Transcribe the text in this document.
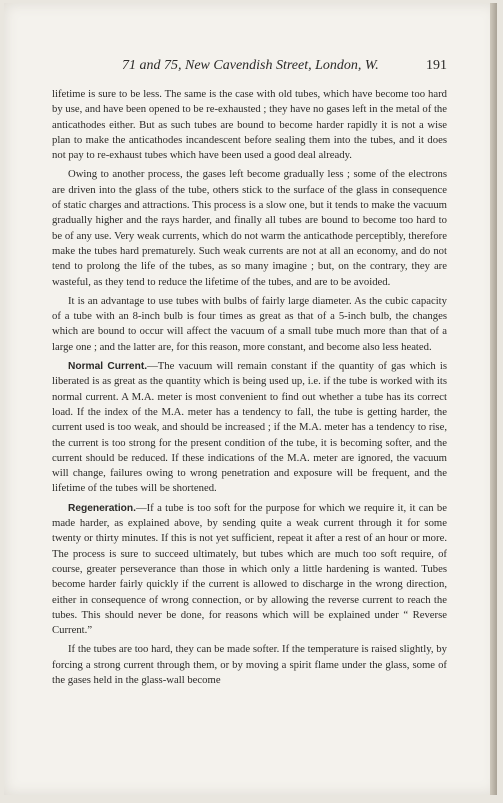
71 and 75, New Cavendish Street, London, W.	191

lifetime is sure to be less. The same is the case with old tubes, which have become too hard by use, and have been opened to be re-exhausted ; they have no gases left in the metal of the anticathodes either. But as such tubes are bound to become harder rapidly it is not a wise plan to make the anticathodes incandescent before sealing them into the tubes, and it does not pay to re-exhaust tubes which have been used a good deal already.

Owing to another process, the gases left become gradually less ; some of the electrons are driven into the glass of the tube, others stick to the surface of the glass in consequence of static charges and attractions. This process is a slow one, but it tends to make the vacuum gradually higher and the rays harder, and finally all tubes are bound to become too hard to be of any use. Very weak currents, which do not warm the anticathode perceptibly, therefore make the tubes hard prematurely. Such weak currents are not at all an economy, and do not tend to prolong the life of the tubes, as so many imagine ; but, on the contrary, they are wasteful, as they tend to reduce the lifetime of the tubes, and are to be avoided.

It is an advantage to use tubes with bulbs of fairly large diameter. As the cubic capacity of a tube with an 8-inch bulb is four times as great as that of a 5-inch bulb, the changes which are bound to occur will affect the vacuum of a small tube much more than that of a large one ; and the latter are, for this reason, more constant, and become also less heated.

Normal Current.—The vacuum will remain constant if the quantity of gas which is liberated is as great as the quantity which is being used up, i.e. if the tube is worked with its normal current. A M.A. meter is most convenient to find out whether a tube has its correct load. If the index of the M.A. meter has a tendency to fall, the tube is getting harder, the current used is too weak, and should be increased ; if the M.A. meter has a tendency to rise, the current is too strong for the present condition of the tube, it is becoming softer, and the current should be reduced. If these indications of the M.A. meter are ignored, the vacuum will change, failures owing to wrong penetration and exposure will be frequent, and the lifetime of the tubes will be shortened.

Regeneration.—If a tube is too soft for the purpose for which we require it, it can be made harder, as explained above, by sending quite a weak current through it for some twenty or thirty minutes. If this is not yet sufficient, repeat it after a rest of an hour or more. The process is sure to succeed ultimately, but tubes which are much too soft require, of course, greater perseverance than those in which only a little hardening is wanted. Tubes become harder fairly quickly if the current is allowed to discharge in the wrong direction, either in consequence of wrong connection, or by allowing the reverse current to reach the tubes. This should never be done, for reasons which will be explained under “ Reverse Current.”

If the tubes are too hard, they can be made softer. If the temperature is raised slightly, by forcing a strong current through them, or by moving a spirit flame under the glass, some of the gases held in the glass-wall become
